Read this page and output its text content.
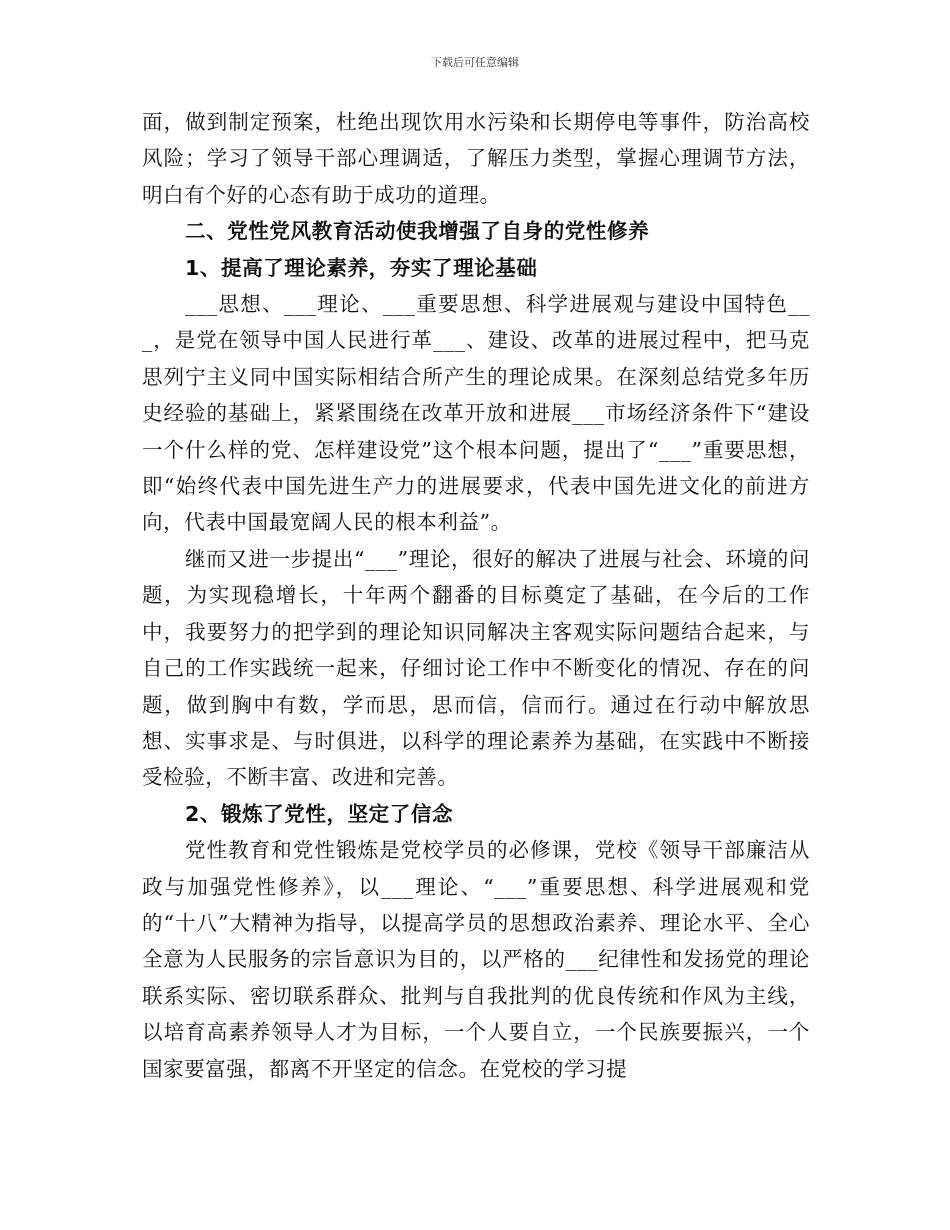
下载后可任意编辑

面，做到制定预案，杜绝出现饮用水污染和长期停电等事件，防治高校风险；学习了领导干部心理调适，了解压力类型，掌握心理调节方法，明白有个好的心态有助于成功的道理。

二、党性党风教育活动使我增强了自身的党性修养

1、提高了理论素养，夯实了理论基础

___思想、___理论、___重要思想、科学进展观与建设中国特色___，是党在领导中国人民进行革___、建设、改革的进展过程中，把马克思列宁主义同中国实际相结合所产生的理论成果。在深刻总结党多年历史经验的基础上，紧紧围绕在改革开放和进展___市场经济条件下“建设一个什么样的党、怎样建设党”这个根本问题，提出了“___”重要思想，即“始终代表中国先进生产力的进展要求，代表中国先进文化的前进方向，代表中国最宽阔人民的根本利益”。

继而又进一步提出“___”理论，很好的解决了进展与社会、环境的问题，为实现稳增长，十年两个翻番的目标奠定了基础，在今后的工作中，我要努力的把学到的理论知识同解决主客观实际问题结合起来，与自己的工作实践统一起来，仔细讨论工作中不断变化的情况、存在的问题，做到胸中有数，学而思，思而信，信而行。通过在行动中解放思想、实事求是、与时俱进，以科学的理论素养为基础，在实践中不断接受检验，不断丰富、改进和完善。

2、锻炼了党性，坚定了信念

党性教育和党性锻炼是党校学员的必修课，党校《领导干部廉洁从政与加强党性修养》，以___理论、“___”重要思想、科学进展观和党的“十八”大精神为指导，以提高学员的思想政治素养、理论水平、全心全意为人民服务的宗旨意识为目的，以严格的___纪律性和发扬党的理论联系实际、密切联系群众、批判与自我批判的优良传统和作风为主线，以培育高素养领导人才为目标，一个人要自立，一个民族要振兴，一个国家要富强，都离不开坚定的信念。在党校的学习提
